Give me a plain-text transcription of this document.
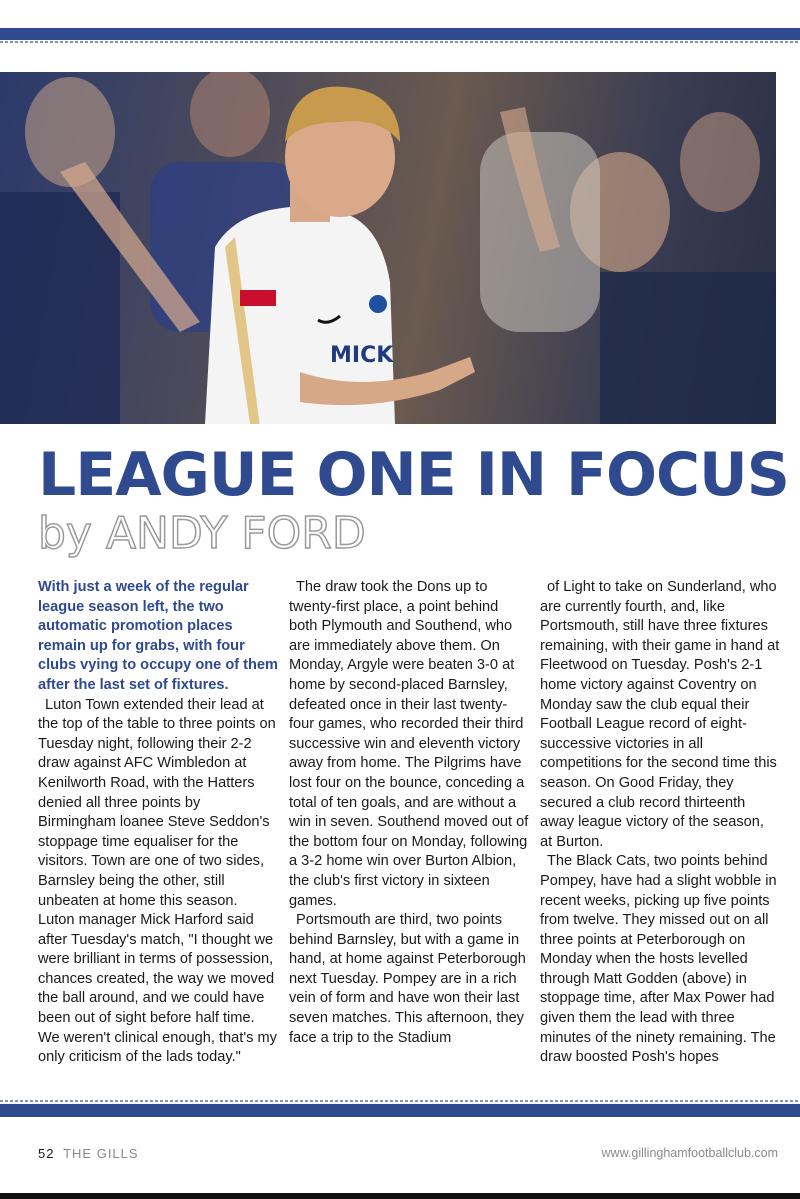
MICK
LEAGUE ONE IN FOCUS
by ANDY FORD

With just a week of the regular league season left, the two automatic promotion places remain up for grabs, with four clubs vying to occupy one of them after the last set of fixtures.

Luton Town extended their lead at the top of the table to three points on Tuesday night, following their 2-2 draw against AFC Wimbledon at Kenilworth Road, with the Hatters denied all three points by Birmingham loanee Steve Seddon's stoppage time equaliser for the visitors. Town are one of two sides, Barnsley being the other, still unbeaten at home this season. Luton manager Mick Harford said after Tuesday's match, "I thought we were brilliant in terms of possession, chances created, the way we moved the ball around, and we could have been out of sight before half time. We weren't clinical enough, that's my only criticism of the lads today."

The draw took the Dons up to twenty-first place, a point behind both Plymouth and Southend, who are immediately above them. On Monday, Argyle were beaten 3-0 at home by second-placed Barnsley, defeated once in their last twenty-four games, who recorded their third successive win and eleventh victory away from home. The Pilgrims have lost four on the bounce, conceding a total of ten goals, and are without a win in seven. Southend moved out of the bottom four on Monday, following a 3-2 home win over Burton Albion, the club's first victory in sixteen games.

Portsmouth are third, two points behind Barnsley, but with a game in hand, at home against Peterborough next Tuesday. Pompey are in a rich vein of form and have won their last seven matches. This afternoon, they face a trip to the Stadium

of Light to take on Sunderland, who are currently fourth, and, like Portsmouth, still have three fixtures remaining, with their game in hand at Fleetwood on Tuesday. Posh's 2-1 home victory against Coventry on Monday saw the club equal their Football League record of eight-successive victories in all competitions for the second time this season. On Good Friday, they secured a club record thirteenth away league victory of the season, at Burton.

The Black Cats, two points behind Pompey, have had a slight wobble in recent weeks, picking up five points from twelve. They missed out on all three points at Peterborough on Monday when the hosts levelled through Matt Godden (above) in stoppage time, after Max Power had given them the lead with three minutes of the ninety remaining. The draw boosted Posh's hopes

52 THE GILLS	www.gillinghamfootballclub.com
